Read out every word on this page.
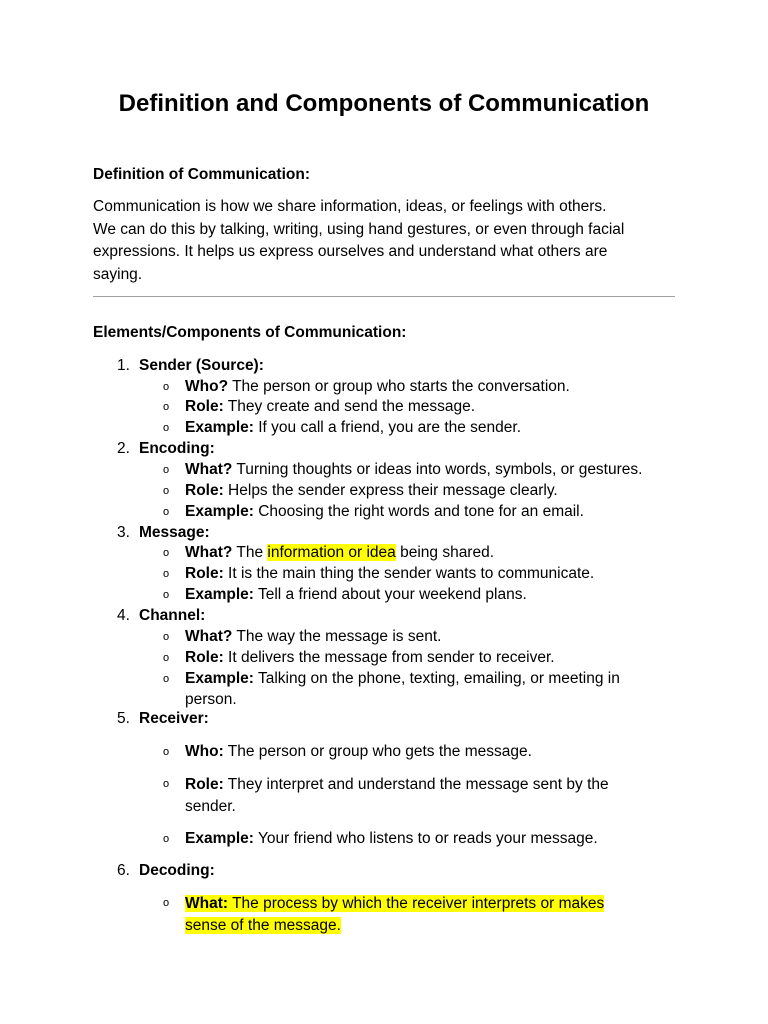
Definition and Components of Communication
Definition of Communication:
Communication is how we share information, ideas, or feelings with others.
We can do this by talking, writing, using hand gestures, or even through facial
expressions. It helps us express ourselves and understand what others are
saying.
Elements/Components of Communication:
1. Sender (Source):
o Who? The person or group who starts the conversation.
o Role: They create and send the message.
o Example: If you call a friend, you are the sender.
2. Encoding:
o What? Turning thoughts or ideas into words, symbols, or gestures.
o Role: Helps the sender express their message clearly.
o Example: Choosing the right words and tone for an email.
3. Message:
o What? The information or idea being shared.
o Role: It is the main thing the sender wants to communicate.
o Example: Tell a friend about your weekend plans.
4. Channel:
o What? The way the message is sent.
o Role: It delivers the message from sender to receiver.
o Example: Talking on the phone, texting, emailing, or meeting in
person.
5. Receiver:
o Who: The person or group who gets the message.
o Role: They interpret and understand the message sent by the
sender.
o Example: Your friend who listens to or reads your message.
6. Decoding:
o What: The process by which the receiver interprets or makes
sense of the message.
